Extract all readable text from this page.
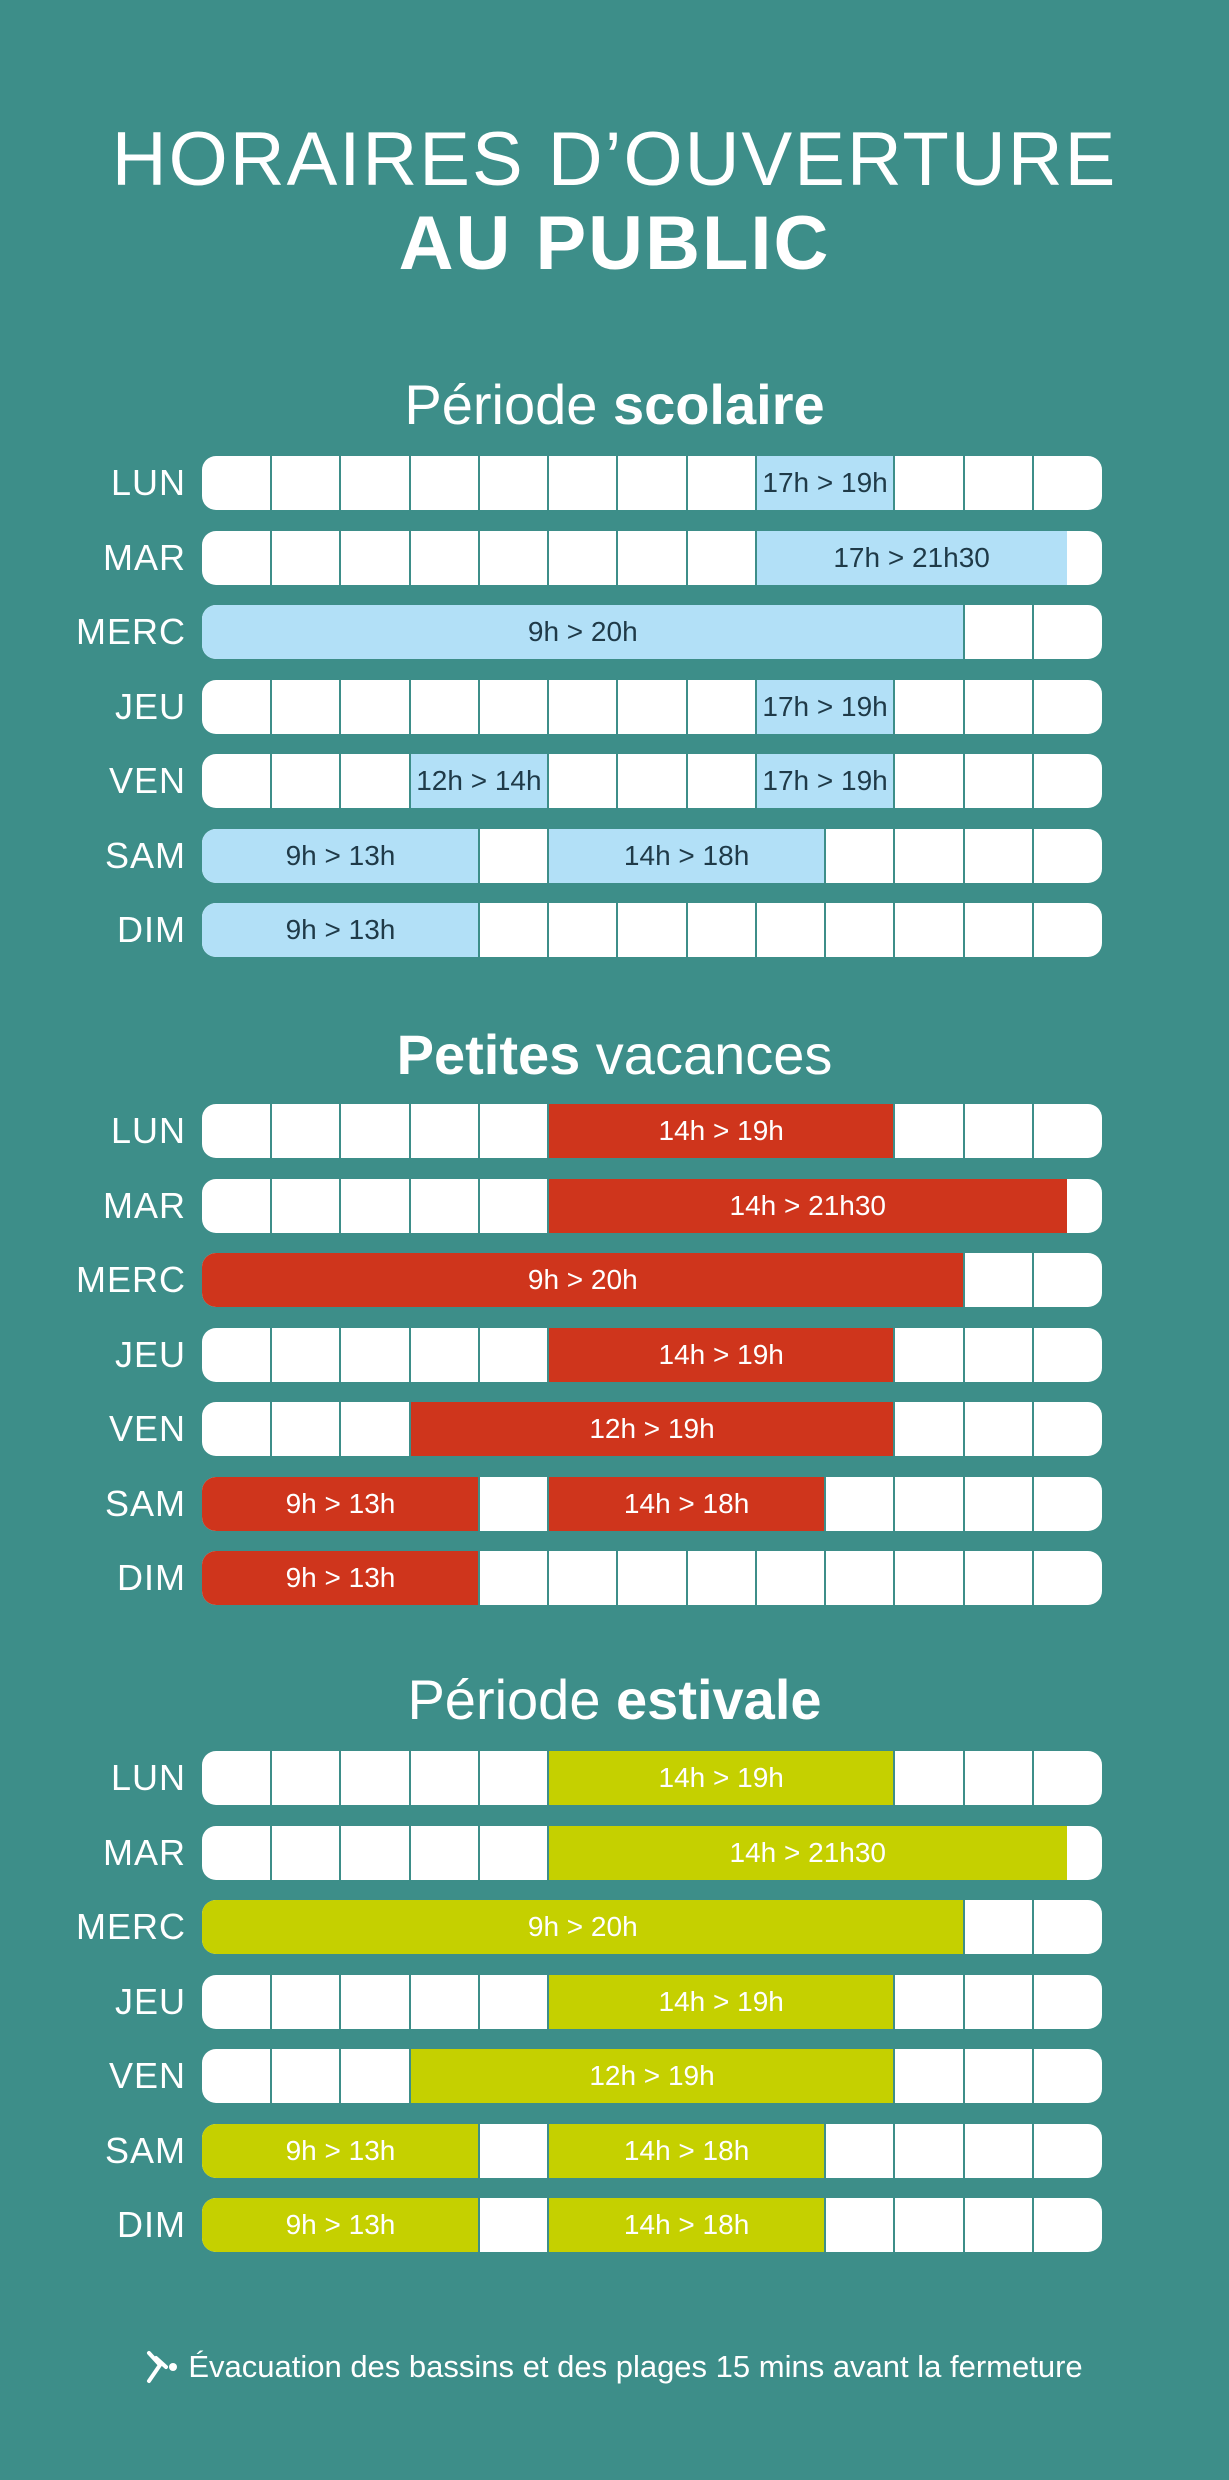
HORAIRES D’OUVERTURE
AU PUBLIC
Période scolaire
LUN	17h > 19h
MAR	17h > 21h30
MERC	9h > 20h
JEU	17h > 19h
VEN	12h > 14h	17h > 19h
SAM	9h > 13h	14h > 18h
DIM	9h > 13h
Petites vacances
LUN	14h > 19h
MAR	14h > 21h30
MERC	9h > 20h
JEU	14h > 19h
VEN	12h > 19h
SAM	9h > 13h	14h > 18h
DIM	9h > 13h
Période estivale
LUN	14h > 19h
MAR	14h > 21h30
MERC	9h > 20h
JEU	14h > 19h
VEN	12h > 19h
SAM	9h > 13h	14h > 18h
DIM	9h > 13h	14h > 18h
Évacuation des bassins et des plages 15 mins avant la fermeture
